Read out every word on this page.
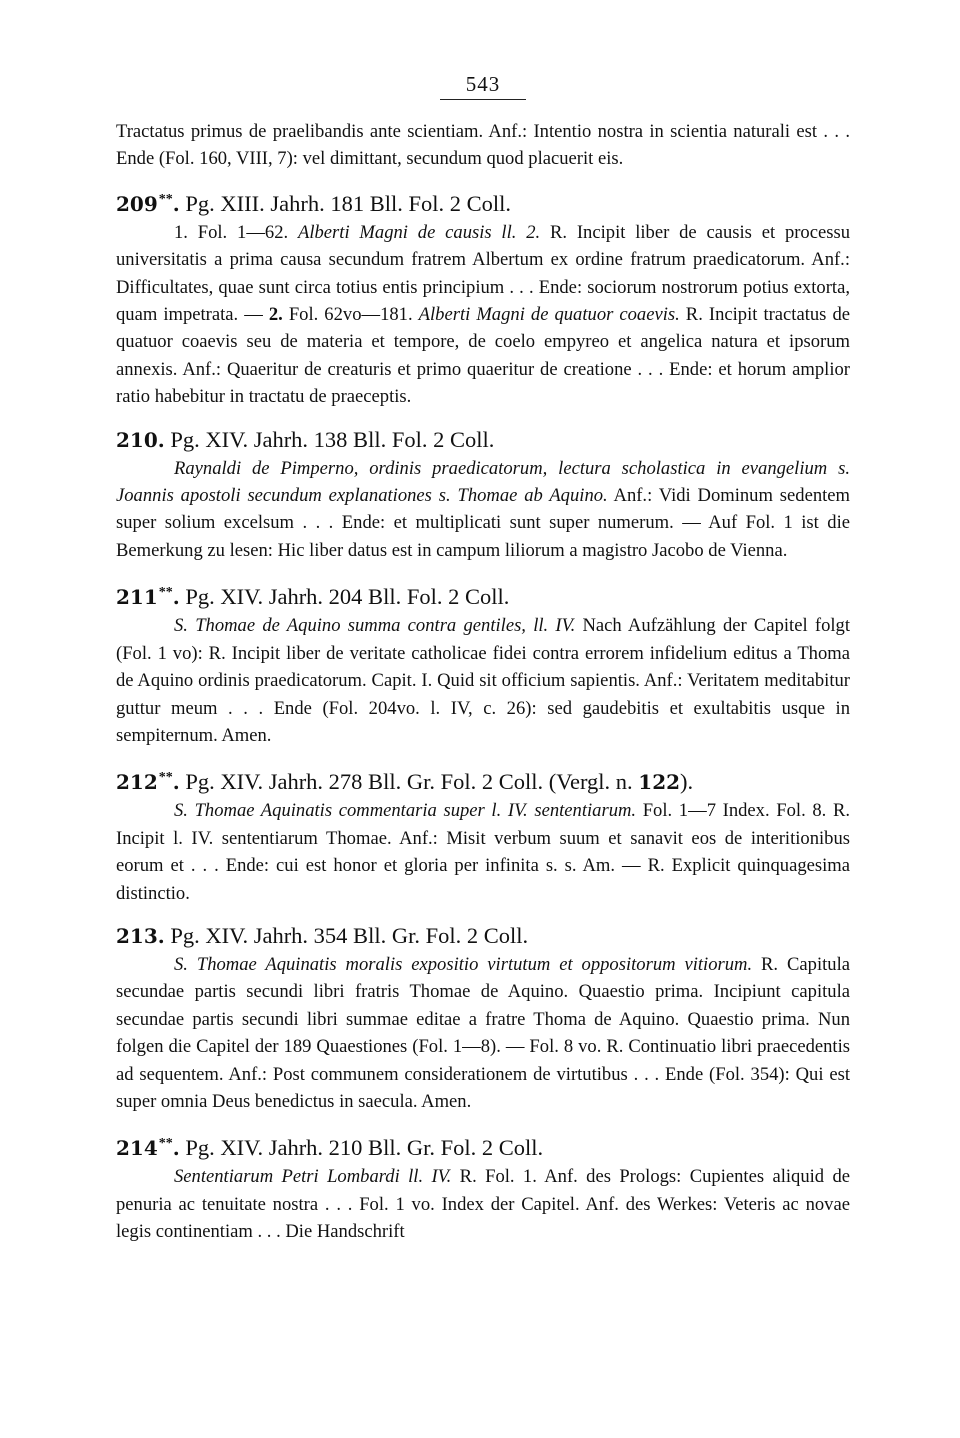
543

Tractatus primus de praelibandis ante scientiam. Anf.: Intentio nostra in scientia naturali est . . . Ende (Fol. 160, VIII, 7): vel dimittant, secundum quod placuerit eis.

209**. Pg. XIII. Jahrh. 181 Bll. Fol. 2 Coll.

1. Fol. 1—62. Alberti Magni de causis ll. 2. R. Incipit liber de causis et processu universitatis a prima causa secundum fratrem Albertum ex ordine fratrum praedicatorum. Anf.: Difficultates, quae sunt circa totius entis principium . . . Ende: sociorum nostrorum potius extorta, quam impetrata. — 2. Fol. 62vo—181. Alberti Magni de quatuor coaevis. R. Incipit tractatus de quatuor coaevis seu de materia et tempore, de coelo empyreo et angelica natura et ipsorum annexis. Anf.: Quaeritur de creaturis et primo quaeritur de creatione . . . Ende: et horum amplior ratio habebitur in tractatu de praeceptis.

210. Pg. XIV. Jahrh. 138 Bll. Fol. 2 Coll.

Raynaldi de Pimperno, ordinis praedicatorum, lectura scholastica in evangelium s. Joannis apostoli secundum explanationes s. Thomae ab Aquino. Anf.: Vidi Dominum sedentem super solium excelsum . . . Ende: et multiplicati sunt super numerum. — Auf Fol. 1 ist die Bemerkung zu lesen: Hic liber datus est in campum liliorum a magistro Jacobo de Vienna.

211**. Pg. XIV. Jahrh. 204 Bll. Fol. 2 Coll.

S. Thomae de Aquino summa contra gentiles, ll. IV. Nach Aufzählung der Capitel folgt (Fol. 1 vo): R. Incipit liber de veritate catholicae fidei contra errorem infidelium editus a Thoma de Aquino ordinis praedicatorum. Capit. I. Quid sit officium sapientis. Anf.: Veritatem meditabitur guttur meum . . . Ende (Fol. 204vo. l. IV, c. 26): sed gaudebitis et exultabitis usque in sempiternum. Amen.

212**. Pg. XIV. Jahrh. 278 Bll. Gr. Fol. 2 Coll. (Vergl. n. 122).

S. Thomae Aquinatis commentaria super l. IV. sententiarum. Fol. 1—7 Index. Fol. 8. R. Incipit l. IV. sententiarum Thomae. Anf.: Misit verbum suum et sanavit eos de interitionibus eorum et . . . Ende: cui est honor et gloria per infinita s. s. Am. — R. Explicit quinquagesima distinctio.

213. Pg. XIV. Jahrh. 354 Bll. Gr. Fol. 2 Coll.

S. Thomae Aquinatis moralis expositio virtutum et oppositorum vitiorum. R. Capitula secundae partis secundi libri fratris Thomae de Aquino. Quaestio prima. Incipiunt capitula secundae partis secundi libri summae editae a fratre Thoma de Aquino. Quaestio prima. Nun folgen die Capitel der 189 Quaestiones (Fol. 1—8). — Fol. 8 vo. R. Continuatio libri praecedentis ad sequentem. Anf.: Post communem considerationem de virtutibus . . . Ende (Fol. 354): Qui est super omnia Deus benedictus in saecula. Amen.

214**. Pg. XIV. Jahrh. 210 Bll. Gr. Fol. 2 Coll.

Sententiarum Petri Lombardi ll. IV. R. Fol. 1. Anf. des Prologs: Cupientes aliquid de penuria ac tenuitate nostra . . . Fol. 1 vo. Index der Capitel. Anf. des Werkes: Veteris ac novae legis continentiam . . . Die Handschrift
